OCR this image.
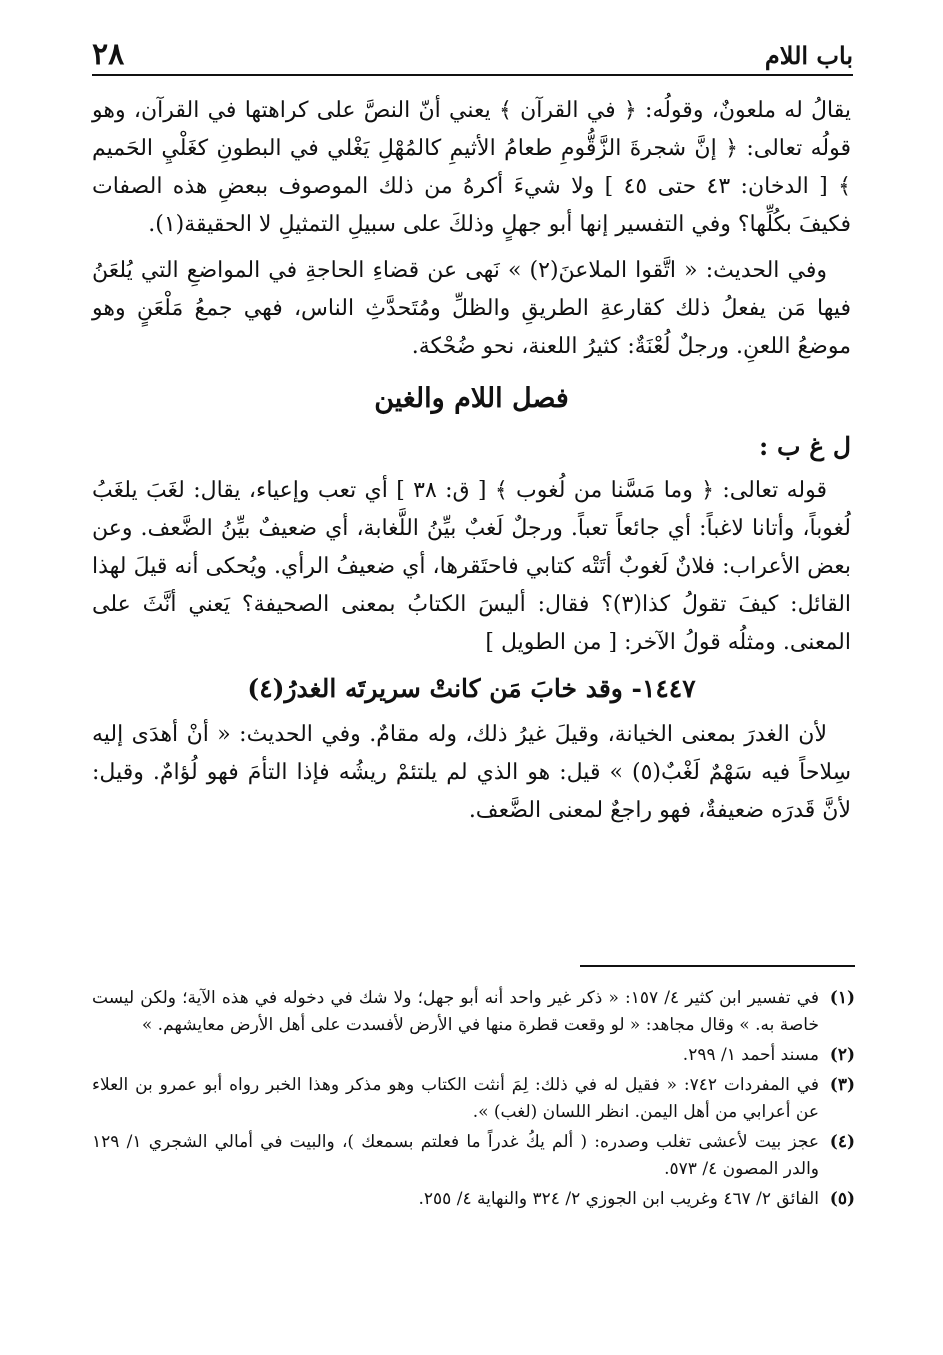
باب اللام
٢٨

يقالُ له ملعونٌ، وقولُه: ﴿ في القرآن ﴾ يعني أنّ النصَّ على كراهتها في القرآن، وهو قولُه تعالى: ﴿ إنَّ شجرةَ الزَّقُّومِ طعامُ الأثيمِ كالمُهْلِ يَغْلي في البطونِ كغَلْيِ الحَميم ﴾ [ الدخان: ٤٣ حتى ٤٥ ] ولا شيءَ أكرهُ من ذلك الموصوف ببعضِ هذه الصفات فكيفَ بكُلِّها؟ وفي التفسير إنها أبو جهلٍ وذلكَ على سبيلِ التمثيلِ لا الحقيقة(١).

وفي الحديث: « اتَّقوا الملاعنَ(٢) » نَهى عن قضاءِ الحاجةِ في المواضعِ التي يُلعَنُ فيها مَن يفعلُ ذلك كقارعةِ الطريقِ والظلِّ ومُتَحدَّثِ الناس، فهي جمعُ مَلْعَنٍ وهو موضعُ اللعنِ. ورجلٌ لُعْنَةٌ: كثيرُ اللعنة، نحو ضُحْكة.

فصل اللام والغين
ل غ ب :

قوله تعالى: ﴿ وما مَسَّنا من لُغوب ﴾ [ ق: ٣٨ ] أي تعب وإعياء، يقال: لغَبَ يلغَبُ لُغوباً، وأتانا لاغباً: أي جائعاً تعباً. ورجلٌ لَغبٌ بيِّنُ اللَّغابة، أي ضعيفٌ بيِّنُ الضَّعف. وعن بعض الأعراب: فلانٌ لَغوبٌ أتَتْه كتابي فاحتَقرها، أي ضعيفُ الرأي. ويُحكى أنه قيلَ لهذا القائل: كيفَ تقولُ كذا(٣)؟ فقال: أليسَ الكتابُ بمعنى الصحيفة؟ يَعني أنَّثَ على المعنى. ومثلُه قولُ الآخر: [ من الطويل ]

١٤٤٧- وقد خابَ مَن كانتْ سريرتَه الغدرُ(٤)

لأن الغدرَ بمعنى الخيانة، وقيلَ غيرُ ذلك، وله مقامٌ. وفي الحديث: « أنْ أهدَى إليه سِلاحاً فيه سَهْمٌ لَغْبٌ(٥) » قيل: هو الذي لم يلتئمْ ريشُه فإذا التأمَ فهو لُؤامٌ. وقيل: لأنَّ قَدرَه ضعيفةٌ، فهو راجعٌ لمعنى الضَّعف.

(١)
في تفسير ابن كثير ٤/ ١٥٧: « ذكر غير واحد أنه أبو جهل؛ ولا شك في دخوله في هذه الآية؛ ولكن ليست خاصة به. » وقال مجاهد: « لو وقعت قطرة منها في الأرض لأفسدت على أهل الأرض معايشهم. »
(٢)
مسند أحمد ١/ ٢٩٩.
(٣)
في المفردات ٧٤٢: « فقيل له في ذلك: لِمَ أنثت الكتاب وهو مذكر وهذا الخبر رواه أبو عمرو بن العلاء عن أعرابي من أهل اليمن. انظر اللسان (لغب) ».
(٤)
عجز بيت لأعشى تغلب وصدره: ( ألم يكُ غدراً ما فعلتم بسمعك )، والبيت في أمالي الشجري ١/ ١٢٩ والدر المصون ٤/ ٥٧٣.
(٥)
الفائق ٢/ ٤٦٧ وغريب ابن الجوزي ٢/ ٣٢٤ والنهاية ٤/ ٢٥٥.
